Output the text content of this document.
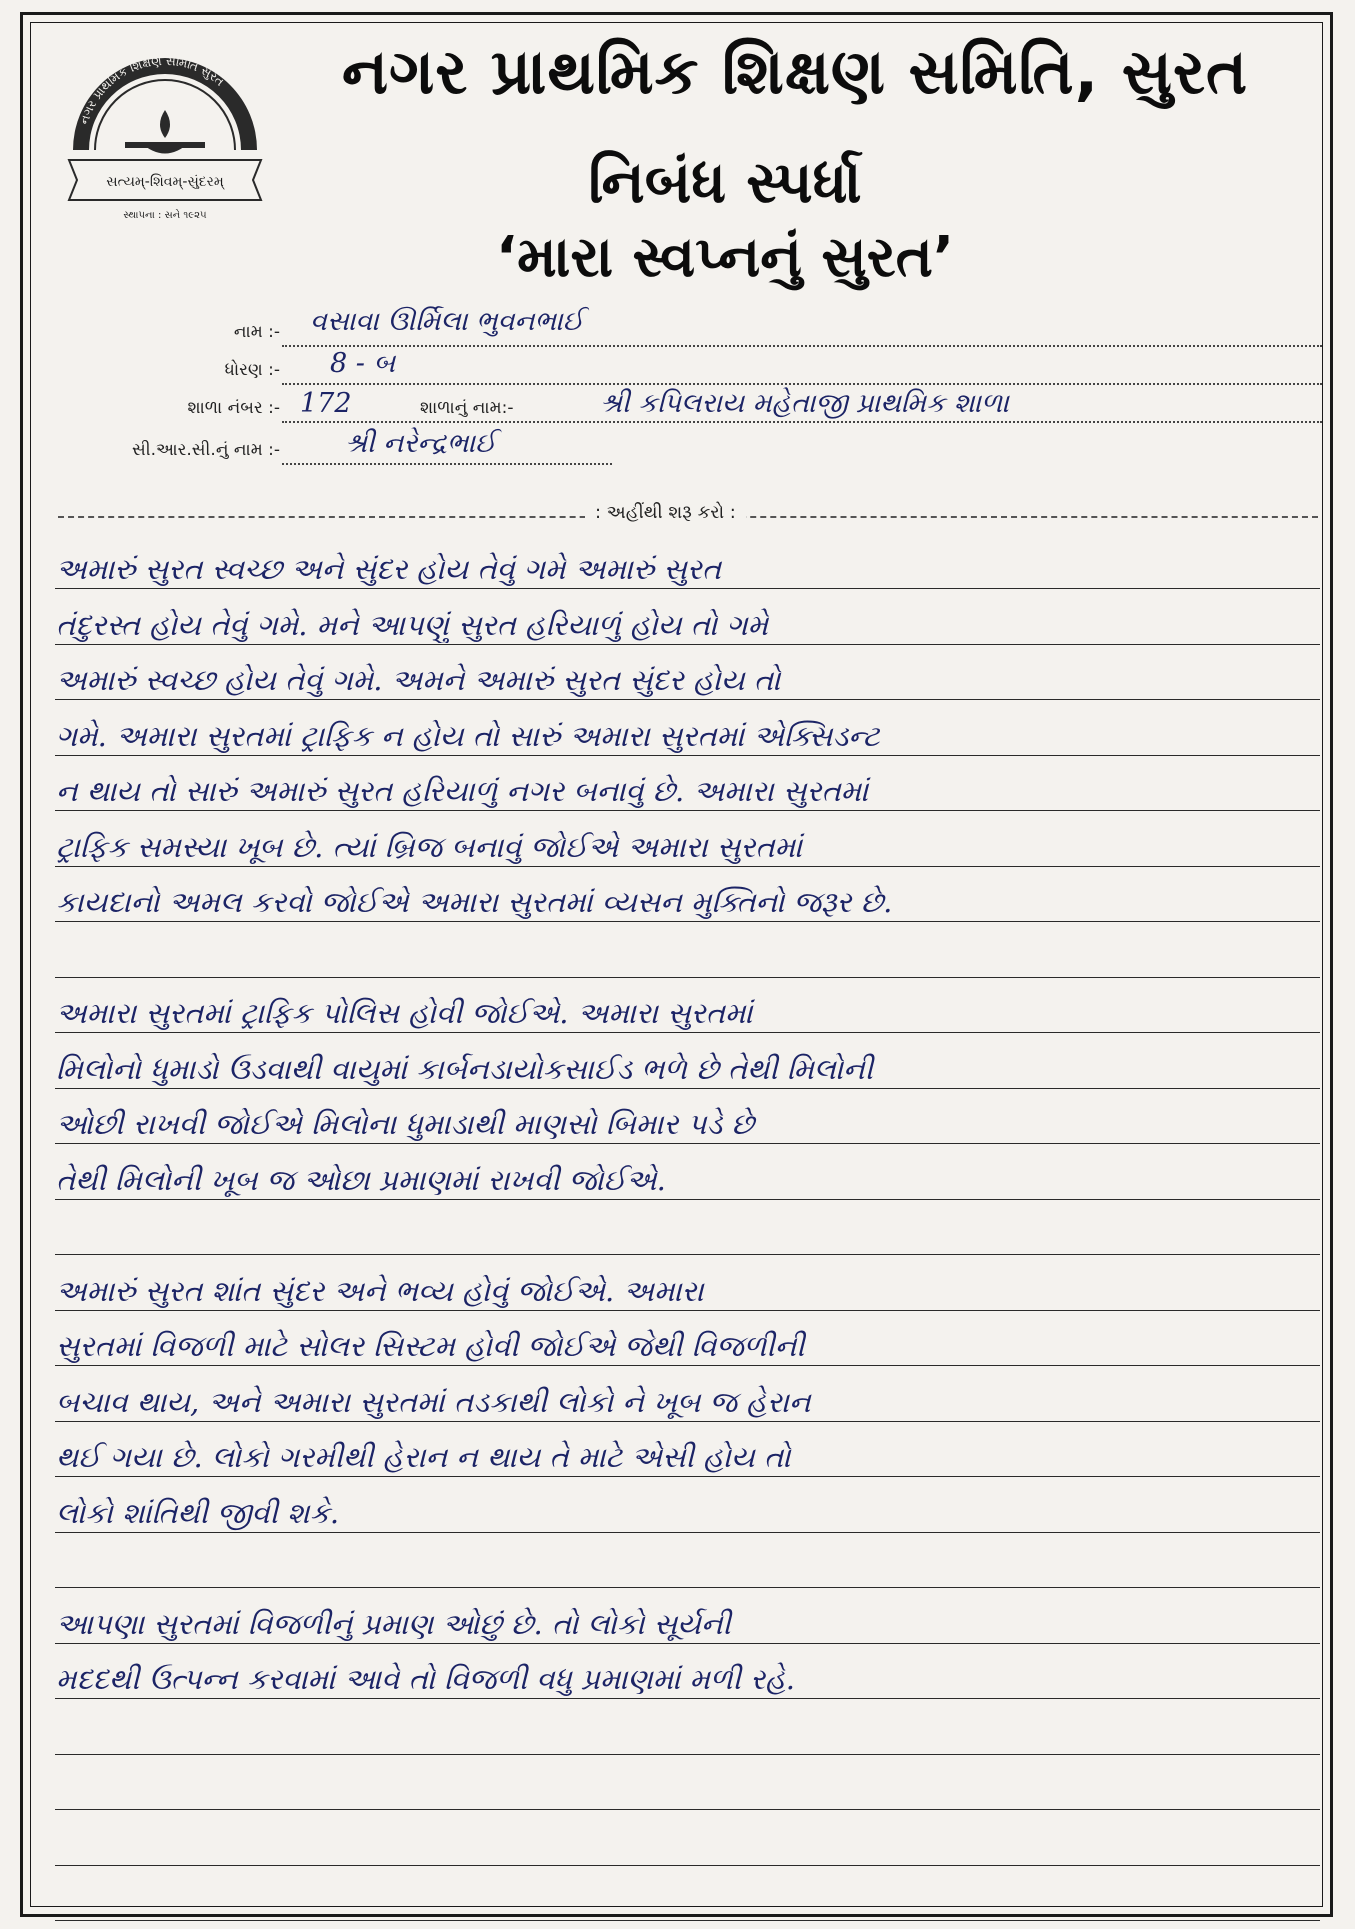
નગર પ્રાથમિક શિક્ષણ સમિતિ સુરત
સત્યમ્-શિવમ્-સુંદરમ્
સ્થાપના : સને ૧૯૨૫
નગર પ્રાથમિક શિક્ષણ સમિતિ, સુરત
નિબંધ સ્પર્ધા
‘મારા સ્વપ્નનું સુરત’
નામ :- વસાવા ઊર્મિલા ભુવનભાઈ
ધોરણ :- 8 - બ
શાળા નંબર :- 172	શાળાનું નામ:-	શ્રી કપિલરાય મહેતાજી પ્રાથમિક શાળા
સી.આર.સી.નું નામ :- શ્રી નરેન્દ્રભાઈ
: અહીંથી શરૂ કરો :
અમારું સુરત સ્વચ્છ અને સુંદર હોય તેવું ગમે અમારું સુરત
તંદુરસ્ત હોય તેવું ગમે. મને આપણું સુરત હરિયાળું હોય તો ગમે
અમારું સ્વચ્છ હોય તેવું ગમે. અમને અમારું સુરત સુંદર હોય તો
ગમે. અમારા સુરતમાં ટ્રાફિક ન હોય તો સારું અમારા સુરતમાં એક્સિડન્ટ
ન થાય તો સારું અમારું સુરત હરિયાળું નગર બનાવું છે. અમારા સુરતમાં
ટ્રાફિક સમસ્યા ખૂબ છે. ત્યાં બ્રિજ બનાવું જોઈએ અમારા સુરતમાં
કાયદાનો અમલ કરવો જોઈએ અમારા સુરતમાં વ્યસન મુક્તિનો જરૂર છે.
અમારા સુરતમાં ટ્રાફિક પોલિસ હોવી જોઈએ. અમારા સુરતમાં
મિલોનો ધુમાડો ઉડવાથી વાયુમાં કાર્બનડાયોકસાઈડ ભળે છે તેથી મિલોની
ઓછી રાખવી જોઈએ મિલોના ધુમાડાથી માણસો બિમાર પડે છે
તેથી મિલોની ખૂબ જ ઓછા પ્રમાણમાં રાખવી જોઈએ.
અમારું સુરત શાંત સુંદર અને ભવ્ય હોવું જોઈએ. અમારા
સુરતમાં વિજળી માટે સોલર સિસ્ટમ હોવી જોઈએ જેથી વિજળીની
બચાવ થાય, અને અમારા સુરતમાં તડકાથી લોકો ને ખૂબ જ હેરાન
થઈ ગયા છે. લોકો ગરમીથી હેરાન ન થાય તે માટે એસી હોય તો
લોકો શાંતિથી જીવી શકે.
આપણા સુરતમાં વિજળીનું પ્રમાણ ઓછું છે. તો લોકો સૂર્યની
મદદથી ઉત્પન્ન કરવામાં આવે તો વિજળી વધુ પ્રમાણમાં મળી રહે.
